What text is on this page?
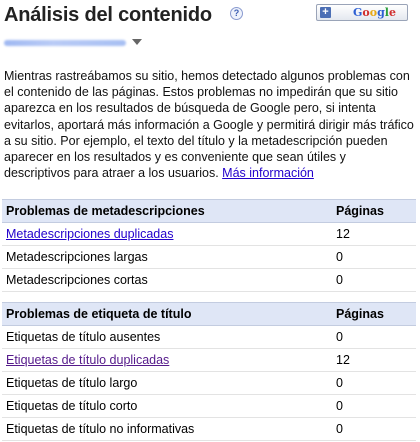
Análisis del contenido	?	+ Google
Mientras rastreábamos su sitio, hemos detectado algunos problemas con el contenido de las páginas. Estos problemas no impedirán que su sitio aparezca en los resultados de búsqueda de Google pero, si intenta evitarlos, aportará más información a Google y permitirá dirigir más tráfico a su sitio. Por ejemplo, el texto del título y la metadescripción pueden aparecer en los resultados y es conveniente que sean útiles y descriptivos para atraer a los usuarios. Más información
Problemas de metadescripciones	Páginas
Metadescripciones duplicadas	12
Metadescripciones largas	0
Metadescripciones cortas	0
Problemas de etiqueta de título	Páginas
Etiquetas de título ausentes	0
Etiquetas de título duplicadas	12
Etiquetas de título largo	0
Etiquetas de título corto	0
Etiquetas de título no informativas	0
